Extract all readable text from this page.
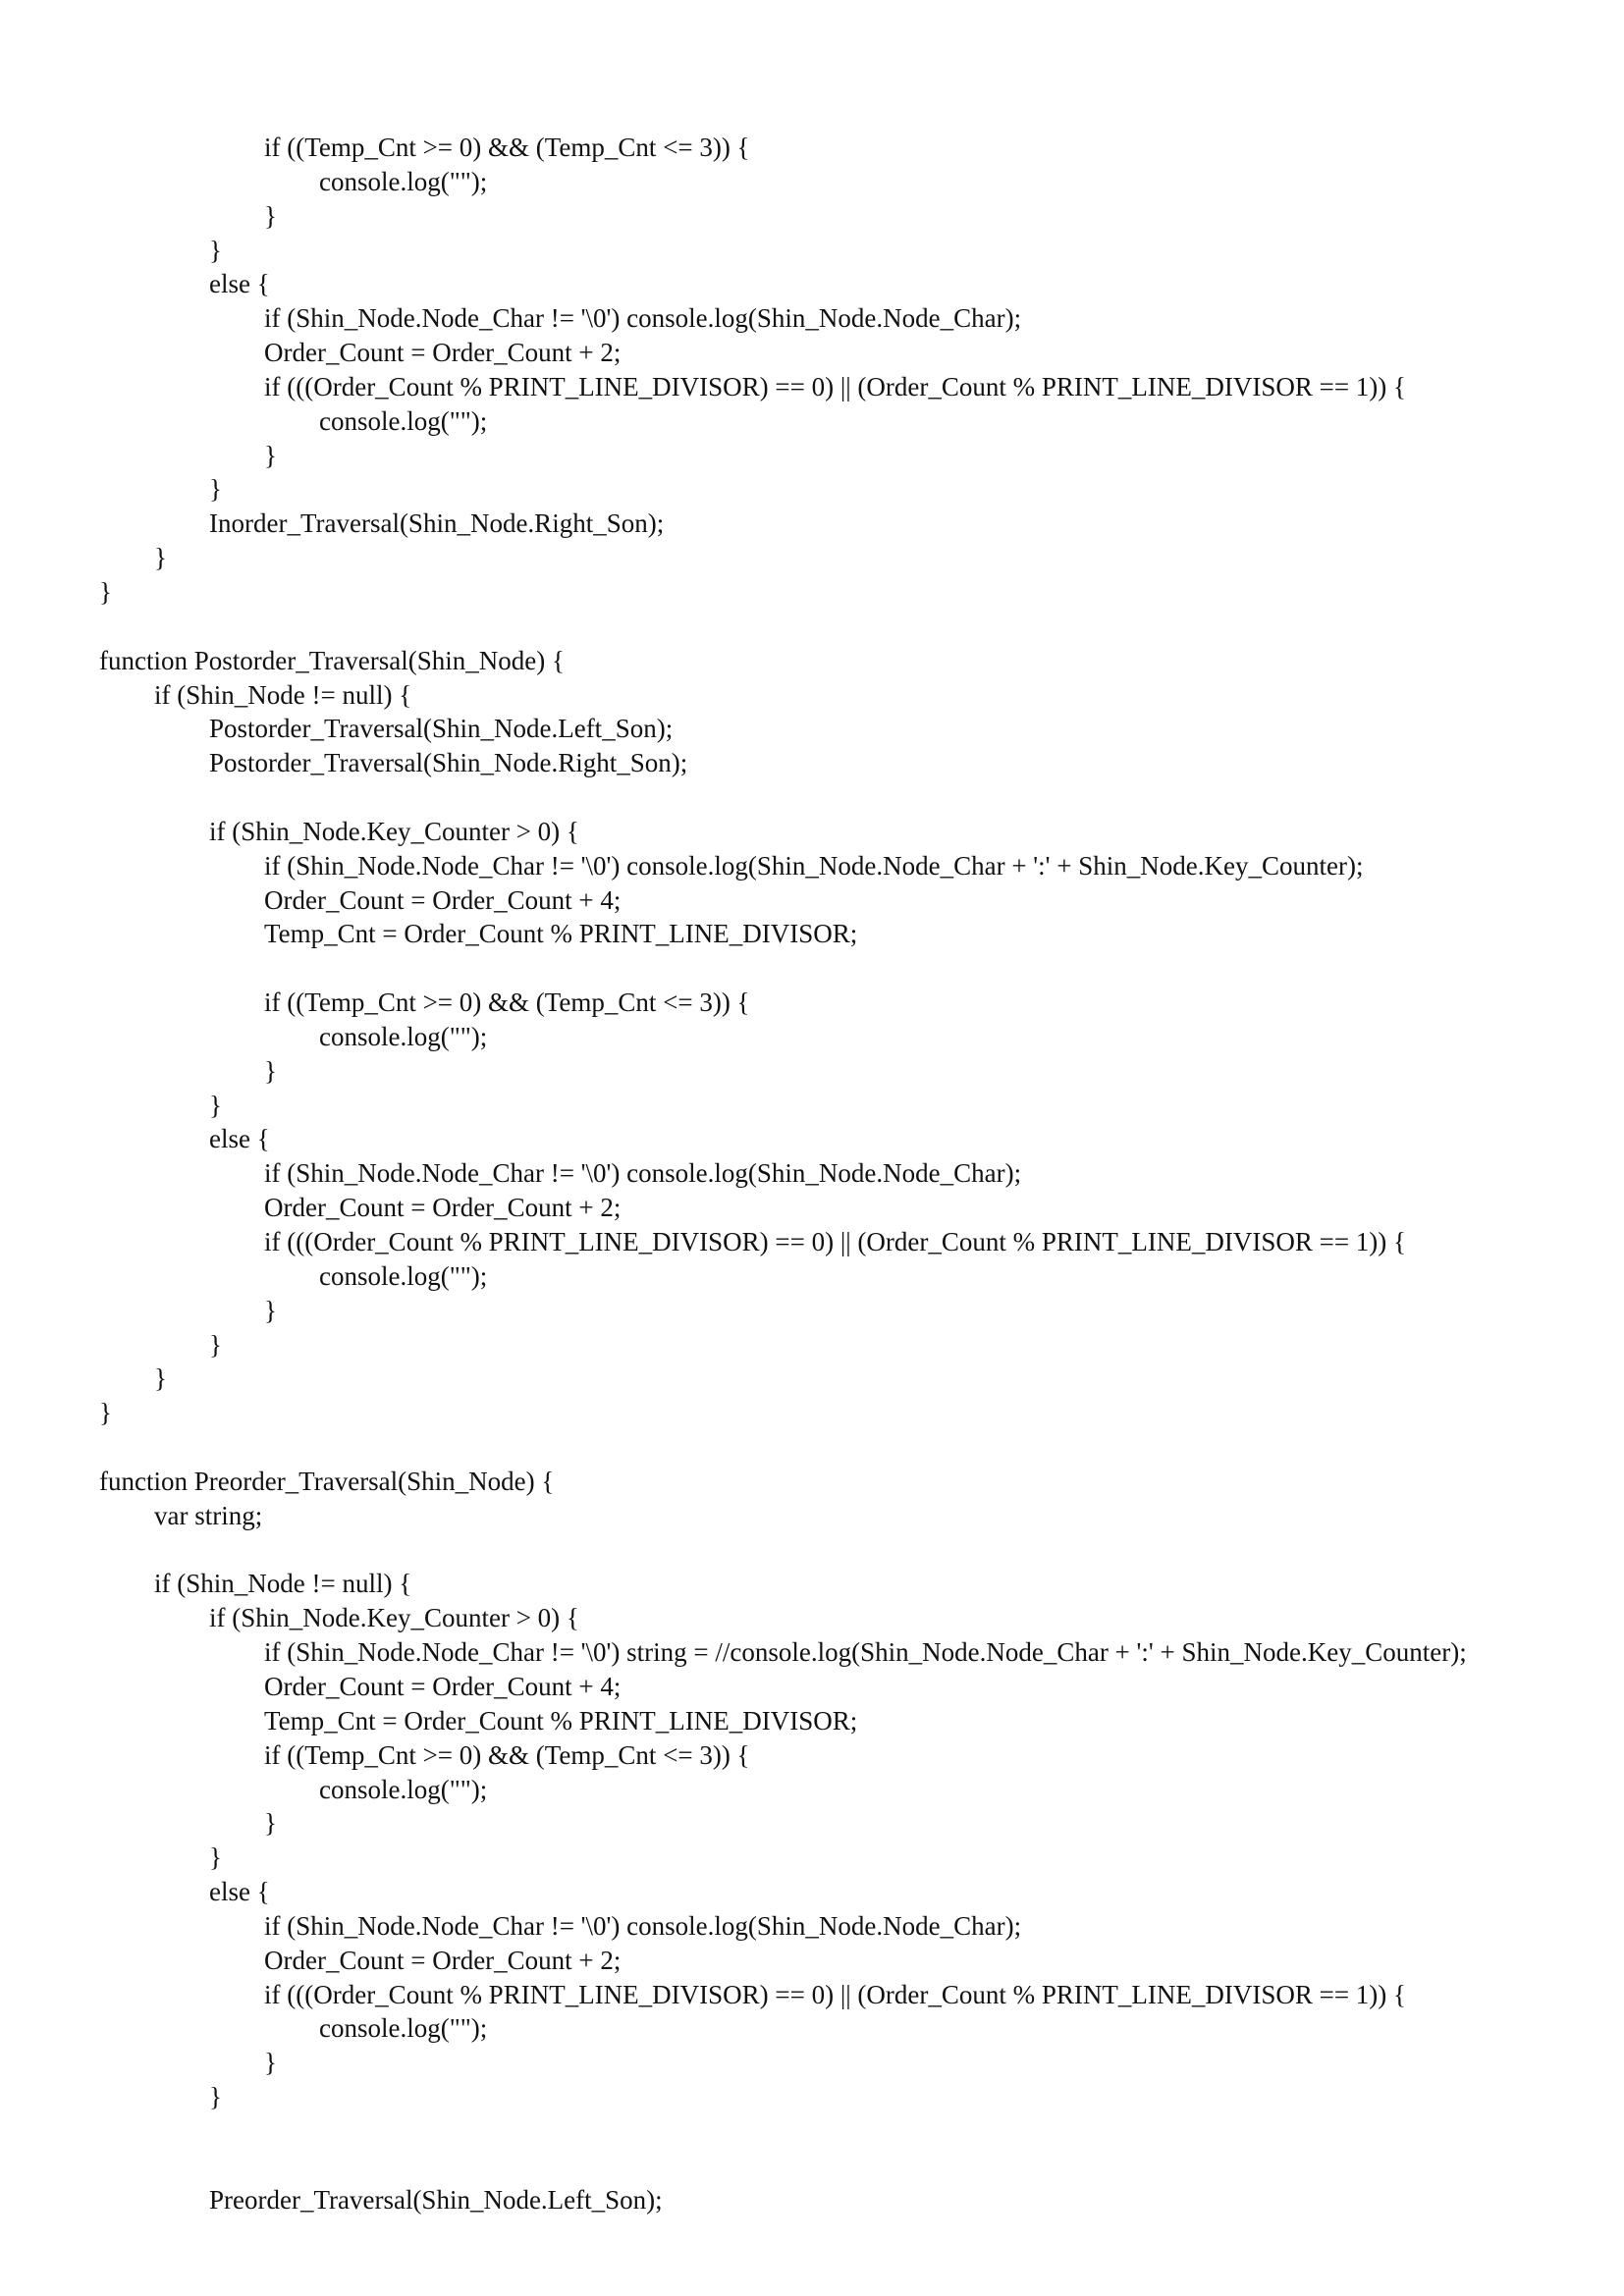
if ((Temp_Cnt >= 0) && (Temp_Cnt <= 3)) {
console.log("");
}
}
else {
if (Shin_Node.Node_Char != '\0') console.log(Shin_Node.Node_Char);
Order_Count = Order_Count + 2;
if (((Order_Count % PRINT_LINE_DIVISOR) == 0) || (Order_Count % PRINT_LINE_DIVISOR == 1)) {
console.log("");
}
}
Inorder_Traversal(Shin_Node.Right_Son);
}
}
function Postorder_Traversal(Shin_Node) {
if (Shin_Node != null) {
Postorder_Traversal(Shin_Node.Left_Son);
Postorder_Traversal(Shin_Node.Right_Son);
if (Shin_Node.Key_Counter > 0) {
if (Shin_Node.Node_Char != '\0') console.log(Shin_Node.Node_Char + ':' + Shin_Node.Key_Counter);
Order_Count = Order_Count + 4;
Temp_Cnt = Order_Count % PRINT_LINE_DIVISOR;
if ((Temp_Cnt >= 0) && (Temp_Cnt <= 3)) {
console.log("");
}
}
else {
if (Shin_Node.Node_Char != '\0') console.log(Shin_Node.Node_Char);
Order_Count = Order_Count + 2;
if (((Order_Count % PRINT_LINE_DIVISOR) == 0) || (Order_Count % PRINT_LINE_DIVISOR == 1)) {
console.log("");
}
}
}
}
function Preorder_Traversal(Shin_Node) {
var string;
if (Shin_Node != null) {
if (Shin_Node.Key_Counter > 0) {
if (Shin_Node.Node_Char != '\0') string = //console.log(Shin_Node.Node_Char + ':' + Shin_Node.Key_Counter);
Order_Count = Order_Count + 4;
Temp_Cnt = Order_Count % PRINT_LINE_DIVISOR;
if ((Temp_Cnt >= 0) && (Temp_Cnt <= 3)) {
console.log("");
}
}
else {
if (Shin_Node.Node_Char != '\0') console.log(Shin_Node.Node_Char);
Order_Count = Order_Count + 2;
if (((Order_Count % PRINT_LINE_DIVISOR) == 0) || (Order_Count % PRINT_LINE_DIVISOR == 1)) {
console.log("");
}
}
Preorder_Traversal(Shin_Node.Left_Son);
